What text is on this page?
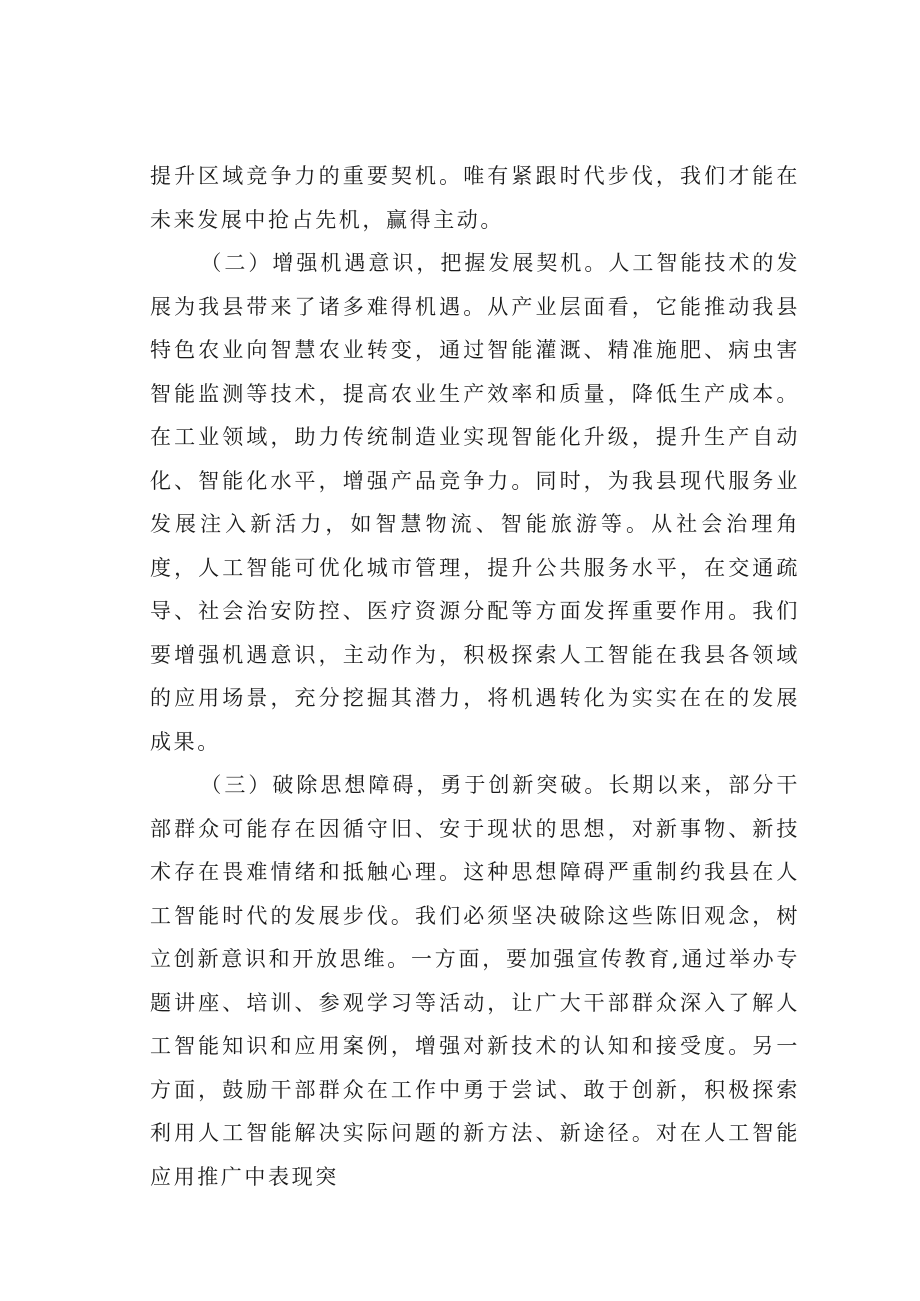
提升区域竞争力的重要契机。唯有紧跟时代步伐，我们才能在未来发展中抢占先机，赢得主动。

（二）增强机遇意识，把握发展契机。人工智能技术的发展为我县带来了诸多难得机遇。从产业层面看，它能推动我县特色农业向智慧农业转变，通过智能灌溉、精准施肥、病虫害智能监测等技术，提高农业生产效率和质量，降低生产成本。在工业领域，助力传统制造业实现智能化升级，提升生产自动化、智能化水平，增强产品竞争力。同时，为我县现代服务业发展注入新活力，如智慧物流、智能旅游等。从社会治理角度，人工智能可优化城市管理，提升公共服务水平，在交通疏导、社会治安防控、医疗资源分配等方面发挥重要作用。我们要增强机遇意识，主动作为，积极探索人工智能在我县各领域的应用场景，充分挖掘其潜力，将机遇转化为实实在在的发展成果。

（三）破除思想障碍，勇于创新突破。长期以来，部分干部群众可能存在因循守旧、安于现状的思想，对新事物、新技术存在畏难情绪和抵触心理。这种思想障碍严重制约我县在人工智能时代的发展步伐。我们必须坚决破除这些陈旧观念，树立创新意识和开放思维。一方面，要加强宣传教育,通过举办专题讲座、培训、参观学习等活动，让广大干部群众深入了解人工智能知识和应用案例，增强对新技术的认知和接受度。另一方面，鼓励干部群众在工作中勇于尝试、敢于创新，积极探索利用人工智能解决实际问题的新方法、新途径。对在人工智能应用推广中表现突
